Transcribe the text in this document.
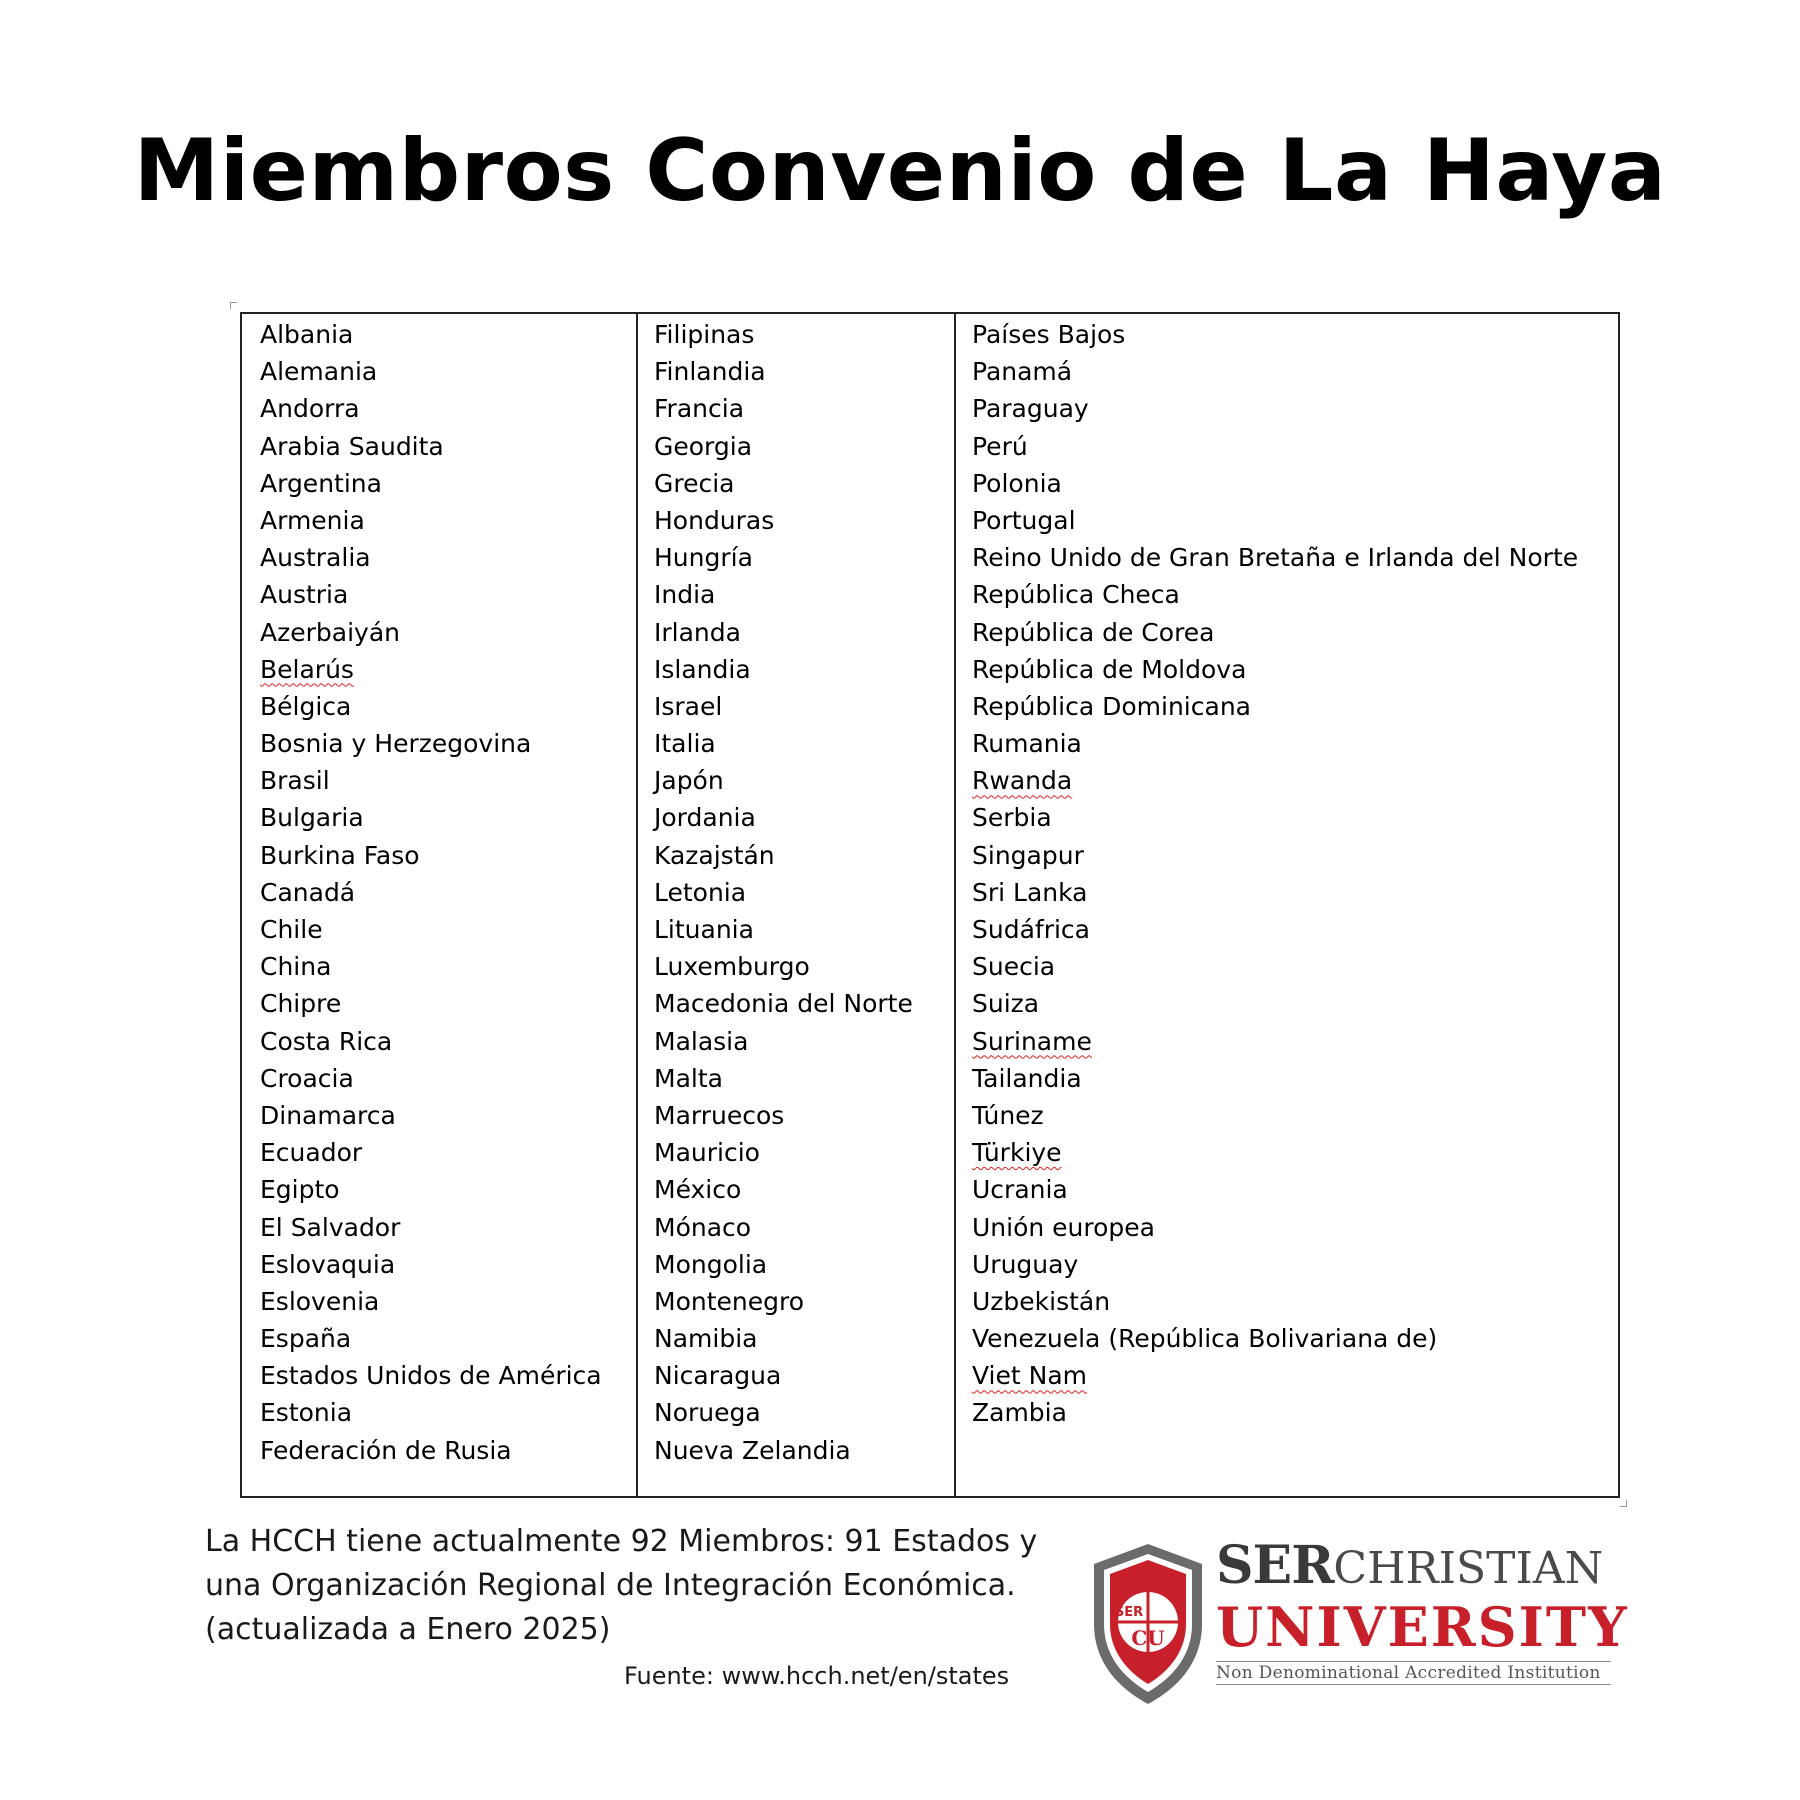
Miembros Convenio de La Haya
Albania
Alemania
Andorra
Arabia Saudita
Argentina
Armenia
Australia
Austria
Azerbaiyán
Belarús
Bélgica
Bosnia y Herzegovina
Brasil
Bulgaria
Burkina Faso
Canadá
Chile
China
Chipre
Costa Rica
Croacia
Dinamarca
Ecuador
Egipto
El Salvador
Eslovaquia
Eslovenia
España
Estados Unidos de América
Estonia
Federación de Rusia
Filipinas
Finlandia
Francia
Georgia
Grecia
Honduras
Hungría
India
Irlanda
Islandia
Israel
Italia
Japón
Jordania
Kazajstán
Letonia
Lituania
Luxemburgo
Macedonia del Norte
Malasia
Malta
Marruecos
Mauricio
México
Mónaco
Mongolia
Montenegro
Namibia
Nicaragua
Noruega
Nueva Zelandia
Países Bajos
Panamá
Paraguay
Perú
Polonia
Portugal
Reino Unido de Gran Bretaña e Irlanda del Norte
República Checa
República de Corea
República de Moldova
República Dominicana
Rumania
Rwanda
Serbia
Singapur
Sri Lanka
Sudáfrica
Suecia
Suiza
Suriname
Tailandia
Túnez
Türkiye
Ucrania
Unión europea
Uruguay
Uzbekistán
Venezuela (República Bolivariana de)
Viet Nam
Zambia
La HCCH tiene actualmente 92 Miembros: 91 Estados y
una Organización Regional de Integración Económica.
(actualizada a Enero 2025)
Fuente: www.hcch.net/en/states
SER
CU
SERCHRISTIAN
UNIVERSITY
Non Denominational Accredited Institution
